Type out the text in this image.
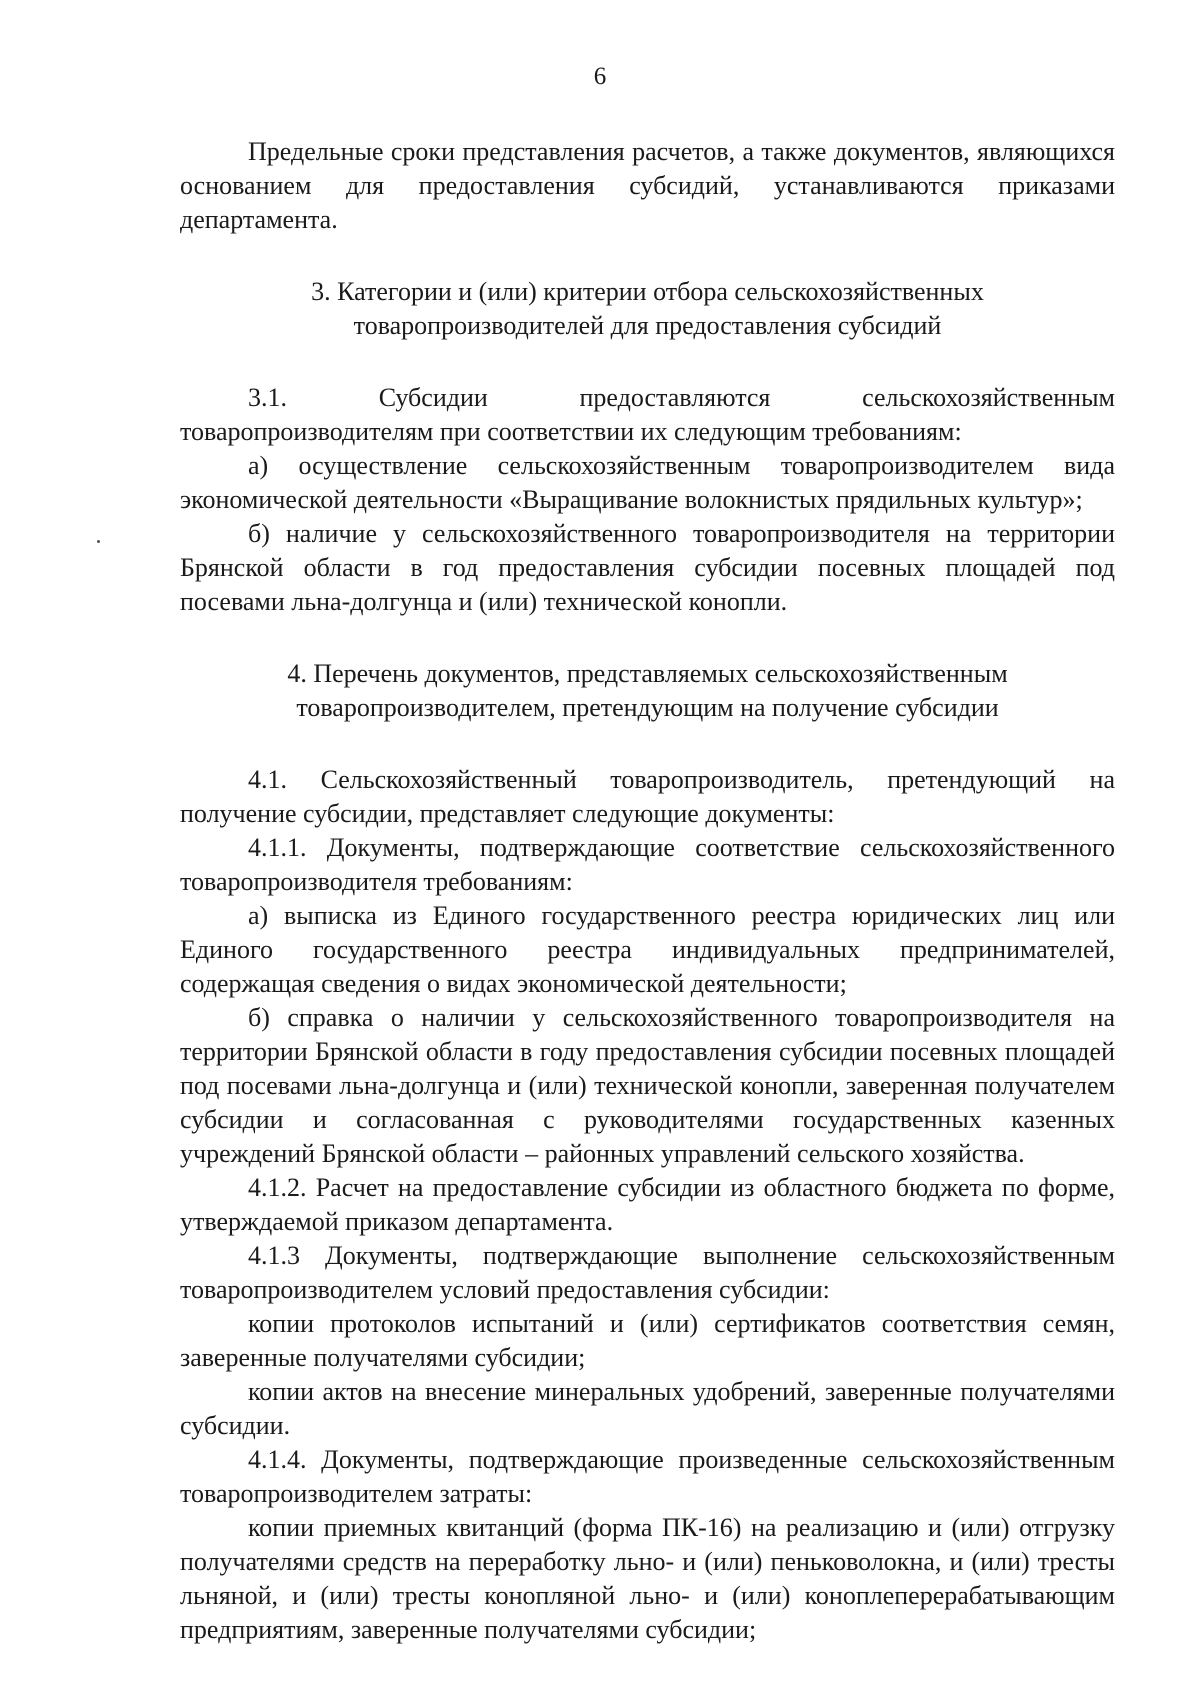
6

Предельные сроки представления расчетов, а также документов, являющихся основанием для предоставления субсидий, устанавливаются приказами департамента.

3. Категории и (или) критерии отбора сельскохозяйственных товаропроизводителей для предоставления субсидий

3.1. Субсидии предоставляются сельскохозяйственным товаропроизводителям при соответствии их следующим требованиям:

а) осуществление сельскохозяйственным товаропроизводителем вида экономической деятельности «Выращивание волокнистых прядильных культур»;

б) наличие у сельскохозяйственного товаропроизводителя на территории Брянской области в год предоставления субсидии посевных площадей под посевами льна-долгунца и (или) технической конопли.

4. Перечень документов, представляемых сельскохозяйственным товаропроизводителем, претендующим на получение субсидии

4.1. Сельскохозяйственный товаропроизводитель, претендующий на получение субсидии, представляет следующие документы:

4.1.1. Документы, подтверждающие соответствие сельскохозяйственного товаропроизводителя требованиям:

а) выписка из Единого государственного реестра юридических лиц или Единого государственного реестра индивидуальных предпринимателей, содержащая сведения о видах экономической деятельности;

б) справка о наличии у сельскохозяйственного товаропроизводителя на территории Брянской области в году предоставления субсидии посевных площадей под посевами льна-долгунца и (или) технической конопли, заверенная получателем субсидии и согласованная с руководителями государственных казенных учреждений Брянской области – районных управлений сельского хозяйства.

4.1.2. Расчет на предоставление субсидии из областного бюджета по форме, утверждаемой приказом департамента.

4.1.3 Документы, подтверждающие выполнение сельскохозяйственным товаропроизводителем условий предоставления субсидии:

копии протоколов испытаний и (или) сертификатов соответствия семян, заверенные получателями субсидии;

копии актов на внесение минеральных удобрений, заверенные получателями субсидии.

4.1.4. Документы, подтверждающие произведенные сельскохозяйственным товаропроизводителем затраты:

копии приемных квитанций (форма ПК-16) на реализацию и (или) отгрузку получателями средств на переработку льно- и (или) пеньковолокна, и (или) тресты льняной, и (или) тресты конопляной льно- и (или) коноплеперерабатывающим предприятиям, заверенные получателями субсидии;
